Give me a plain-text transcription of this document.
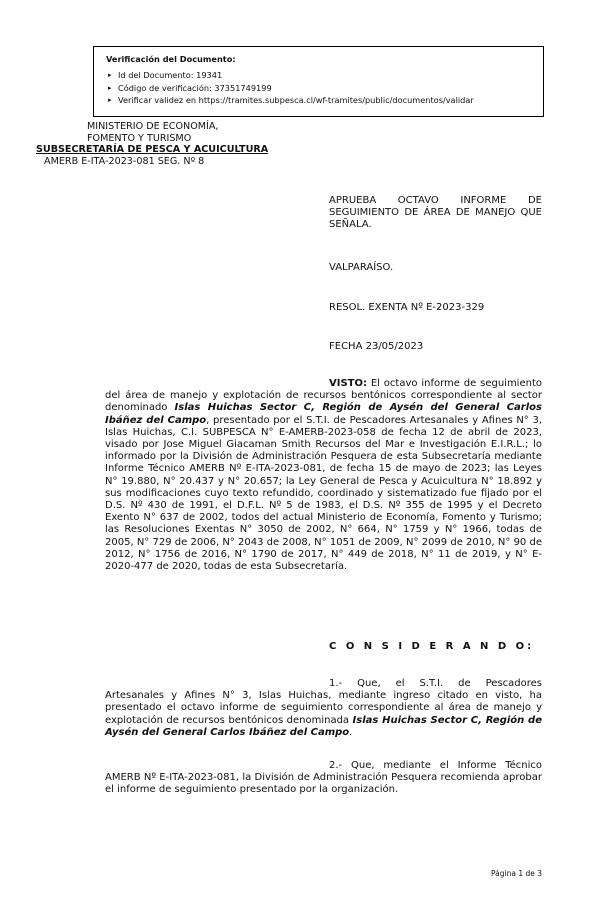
Verificación del Documento:
▸ Id del Documento: 19341
▸ Código de verificación: 37351749199
▸ Verificar validez en https://tramites.subpesca.cl/wf-tramites/public/documentos/validar
MINISTERIO DE ECONOMÍA,
FOMENTO Y TURISMO
SUBSECRETARÍA DE PESCA Y ACUICULTURA
AMERB E-ITA-2023-081 SEG. Nº 8
APRUEBA OCTAVO INFORME DE SEGUIMIENTO DE ÁREA DE MANEJO QUE SEÑALA.
VALPARAÍSO.
RESOL. EXENTA Nº E-2023-329
FECHA 23/05/2023
VISTO: El octavo informe de seguimiento del área de manejo y explotación de recursos bentónicos correspondiente al sector denominado Islas Huichas Sector C, Región de Aysén del General Carlos Ibáñez del Campo, presentado por el S.T.I. de Pescadores Artesanales y Afines N° 3, Islas Huichas, C.I. SUBPESCA N° E-AMERB-2023-058 de fecha 12 de abril de 2023, visado por Jose Miguel Giacaman Smith Recursos del Mar e Investigación E.I.R.L.; lo informado por la División de Administración Pesquera de esta Subsecretaría mediante Informe Técnico AMERB Nº E-ITA-2023-081, de fecha 15 de mayo de 2023; las Leyes N° 19.880, N° 20.437 y N° 20.657; la Ley General de Pesca y Acuicultura N° 18.892 y sus modificaciones cuyo texto refundido, coordinado y sistematizado fue fijado por el D.S. Nº 430 de 1991, el D.F.L. Nº 5 de 1983, el D.S. Nº 355 de 1995 y el Decreto Exento N° 637 de 2002, todos del actual Ministerio de Economía, Fomento y Turismo; las Resoluciones Exentas N° 3050 de 2002, N° 664, N° 1759 y N° 1966, todas de 2005, N° 729 de 2006, N° 2043 de 2008, N° 1051 de 2009, N° 2099 de 2010, N° 90 de 2012, N° 1756 de 2016, N° 1790 de 2017, N° 449 de 2018, N° 11 de 2019, y N° E-2020-477 de 2020, todas de esta Subsecretaría.
C O N S I D E R A N D O:
1.- Que, el S.T.I. de Pescadores Artesanales y Afines N° 3, Islas Huichas, mediante ingreso citado en visto, ha presentado el octavo informe de seguimiento correspondiente al área de manejo y explotación de recursos bentónicos denominada Islas Huichas Sector C, Región de Aysén del General Carlos Ibáñez del Campo.
2.- Que, mediante el Informe Técnico AMERB Nº E-ITA-2023-081, la División de Administración Pesquera recomienda aprobar el informe de seguimiento presentado por la organización.
Página 1 de 3
